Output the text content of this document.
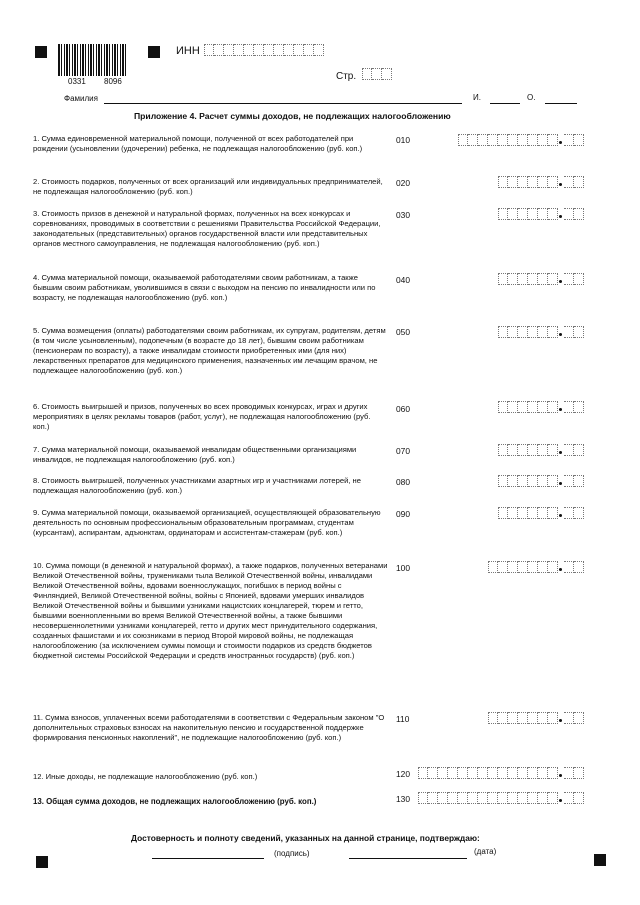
0331 8096
ИНН
Стр.
Фамилия	И.	О.
Приложение 4. Расчет суммы доходов, не подлежащих налогообложению
1. Сумма единовременной материальной помощи, полученной от всех работодателей при рождении (усыновлении (удочерении) ребенка, не подлежащая налогообложению (руб. коп.)
010
2. Стоимость подарков, полученных от всех организаций или индивидуальных предпринимателей, не подлежащая налогообложению (руб. коп.)
020
3. Стоимость призов в денежной и натуральной формах, полученных на всех конкурсах и соревнованиях, проводимых в соответствии с решениями Правительства Российской Федерации, законодательных (представительных) органов государственной власти или представительных органов местного самоуправления, не подлежащая налогообложению (руб. коп.)
030
4. Сумма материальной помощи, оказываемой работодателями своим работникам, а также бывшим своим работникам, уволившимся в связи с выходом на пенсию по инвалидности или по возрасту, не подлежащая налогообложению (руб. коп.)
040
5. Сумма возмещения (оплаты) работодателями своим работникам, их супругам, родителям, детям (в том числе усыновленным), подопечным (в возрасте до 18 лет), бывшим своим работникам (пенсионерам по возрасту), а также инвалидам стоимости приобретенных ими (для них) лекарственных препаратов для медицинского применения, назначенных им лечащим врачом, не подлежащее налогообложению (руб. коп.)
050
6. Стоимость выигрышей и призов, полученных во всех проводимых конкурсах, играх и других мероприятиях в целях рекламы товаров (работ, услуг), не подлежащая налогообложению (руб. коп.)
060
7. Сумма материальной помощи, оказываемой инвалидам общественными организациями инвалидов, не подлежащая налогообложению (руб. коп.)
070
8. Стоимость выигрышей, полученных участниками азартных игр и участниками лотерей, не подлежащая налогообложению (руб. коп.)
080
9. Сумма материальной помощи, оказываемой организацией, осуществляющей образовательную деятельность по основным профессиональным образовательным программам, студентам (курсантам), аспирантам, адъюнктам, ординаторам и ассистентам-стажерам (руб. коп.)
090
10. Сумма помощи (в денежной и натуральной формах), а также подарков, полученных ветеранами Великой Отечественной войны, тружениками тыла Великой Отечественной войны, инвалидами Великой Отечественной войны, вдовами военнослужащих, погибших в период войны с Финляндией, Великой Отечественной войны, войны с Японией, вдовами умерших инвалидов Великой Отечественной войны и бывшими узниками нацистских концлагерей, тюрем и гетто, бывшими военнопленными во время Великой Отечественной войны, а также бывшими несовершеннолетними узниками концлагерей, гетто и других мест принудительного содержания, созданных фашистами и их союзниками в период Второй мировой войны, не подлежащая налогообложению (за исключением суммы помощи и стоимости подарков из средств бюджетов бюджетной системы Российской Федерации и средств иностранных государств) (руб. коп.)
100
11. Сумма взносов, уплаченных всеми работодателями в соответствии с Федеральным законом "О дополнительных страховых взносах на накопительную пенсию и государственной поддержке формирования пенсионных накоплений", не подлежащие налогообложению (руб. коп.)
110
12. Иные доходы, не подлежащие налогообложению (руб. коп.)	120
13. Общая сумма доходов, не подлежащих налогообложению (руб. коп.)	130
Достоверность и полноту сведений, указанных на данной странице, подтверждаю:
(подпись)	(дата)
